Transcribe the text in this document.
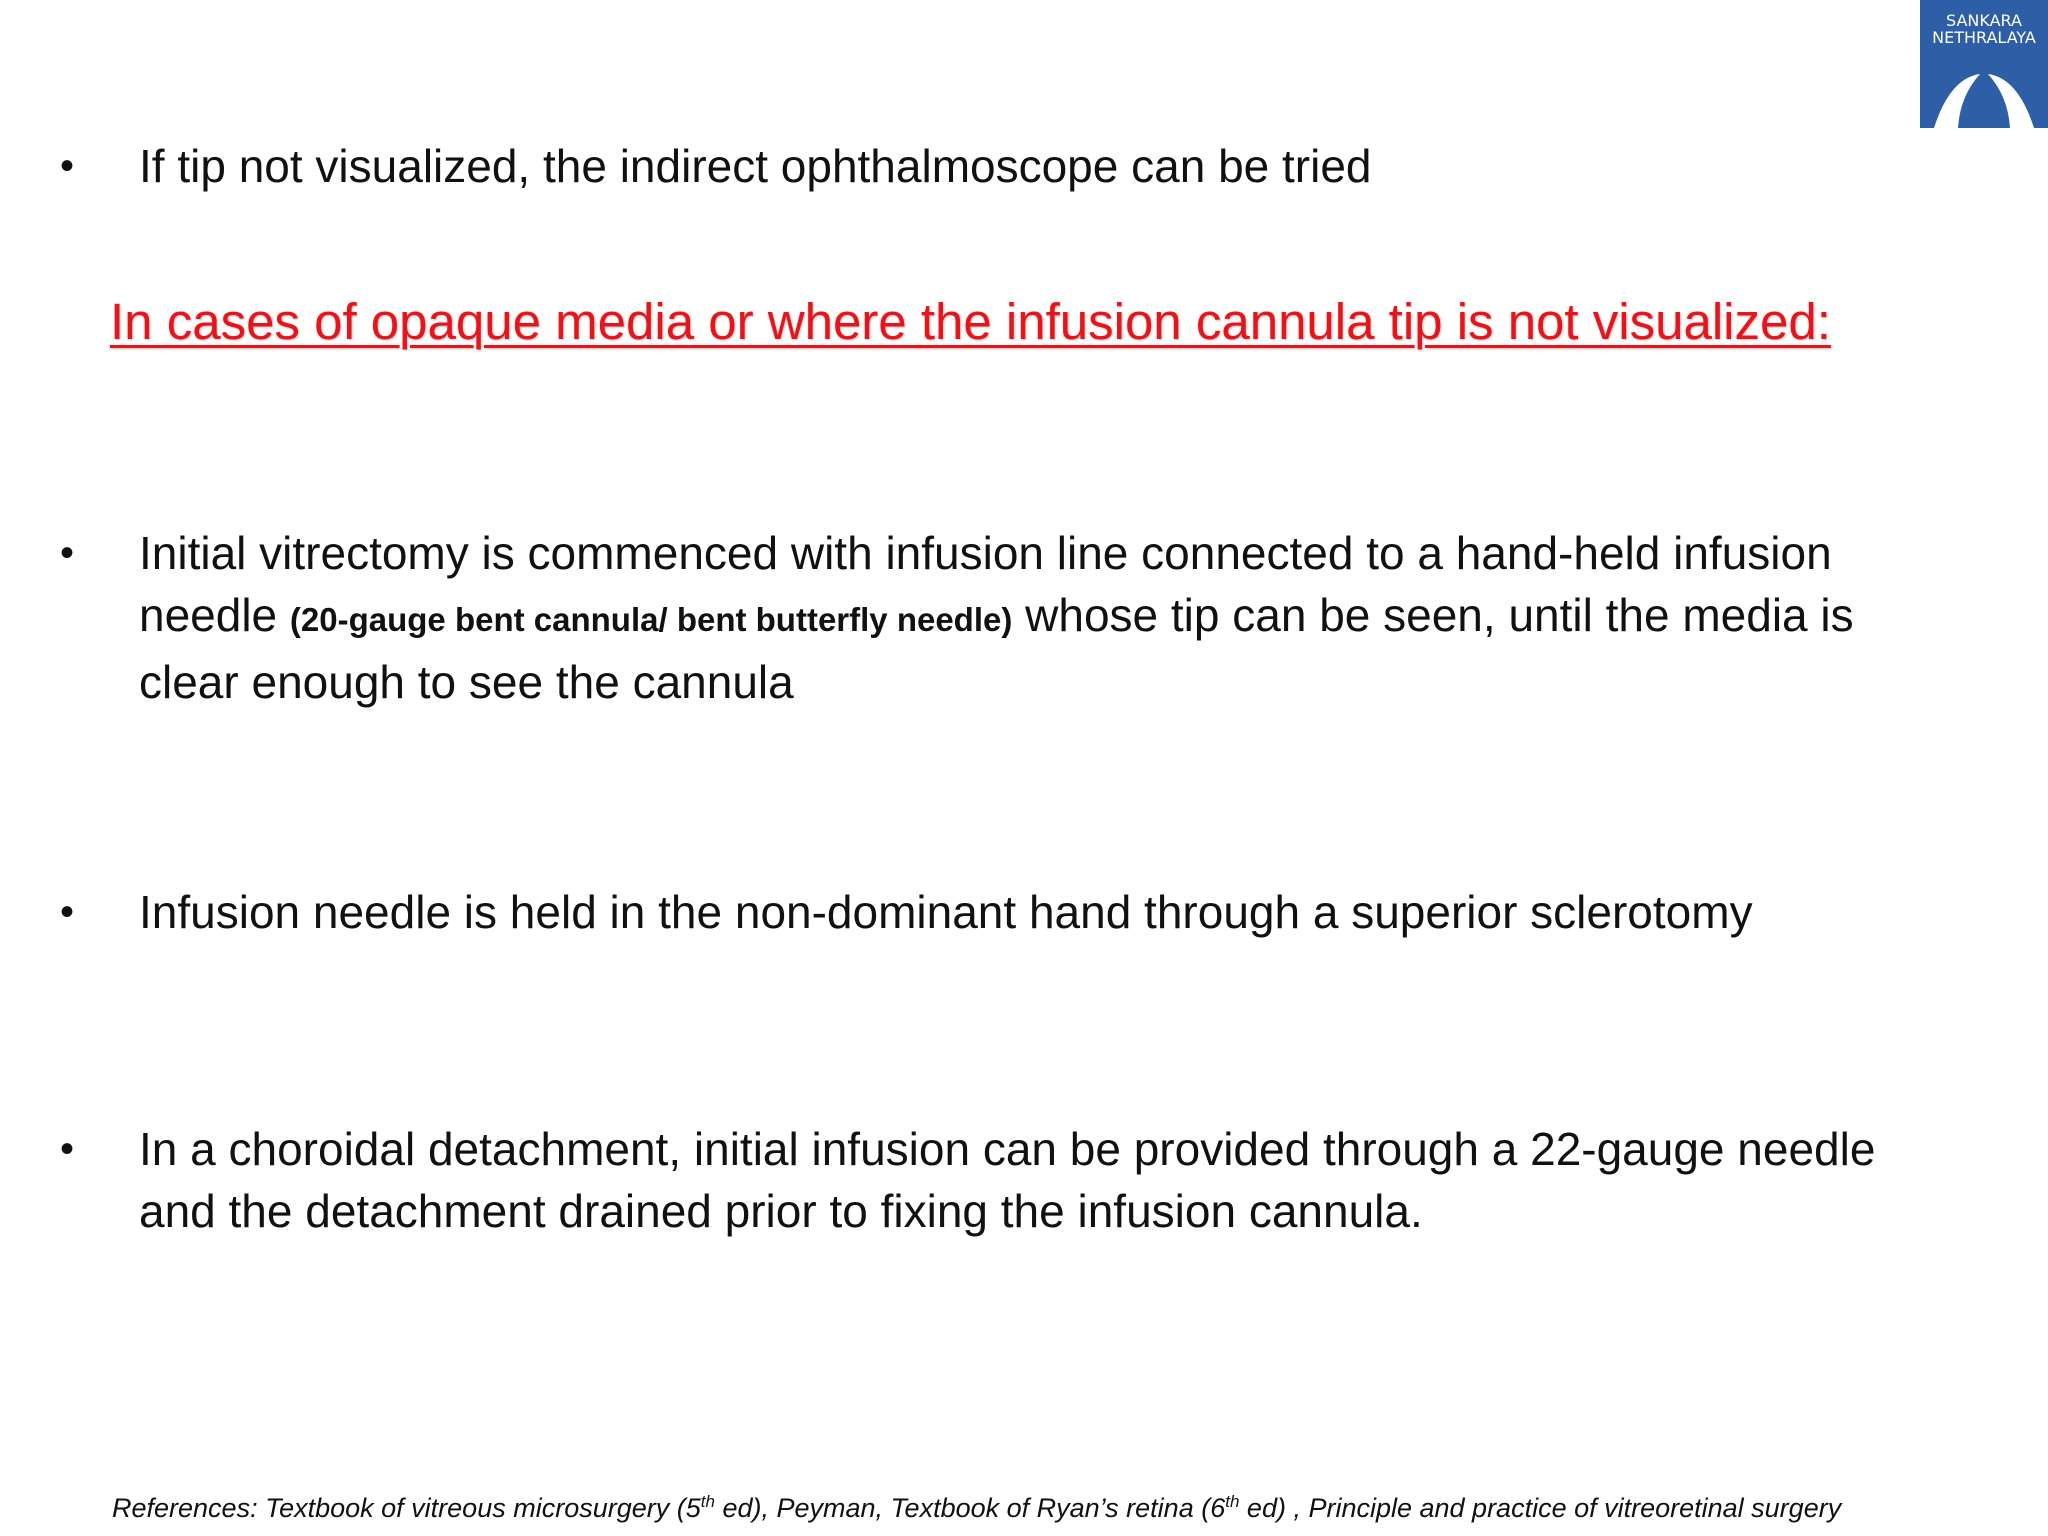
SANKARA
NETHRALAYA
•	If tip not visualized, the indirect ophthalmoscope can be tried
In cases of opaque media or where the infusion cannula tip is not visualized:
•	Initial vitrectomy is commenced with infusion line connected to a hand-held infusion needle (20-gauge bent cannula/ bent butterfly needle) whose tip can be seen, until the media is clear enough to see the cannula
•	Infusion needle is held in the non-dominant hand through a superior sclerotomy
•	In a choroidal detachment, initial infusion can be provided through a 22-gauge needle and the detachment drained prior to fixing the infusion cannula.
References: Textbook of vitreous microsurgery (5th ed), Peyman, Textbook of Ryan’s retina (6th ed) , Principle and practice of vitreoretinal surgery
